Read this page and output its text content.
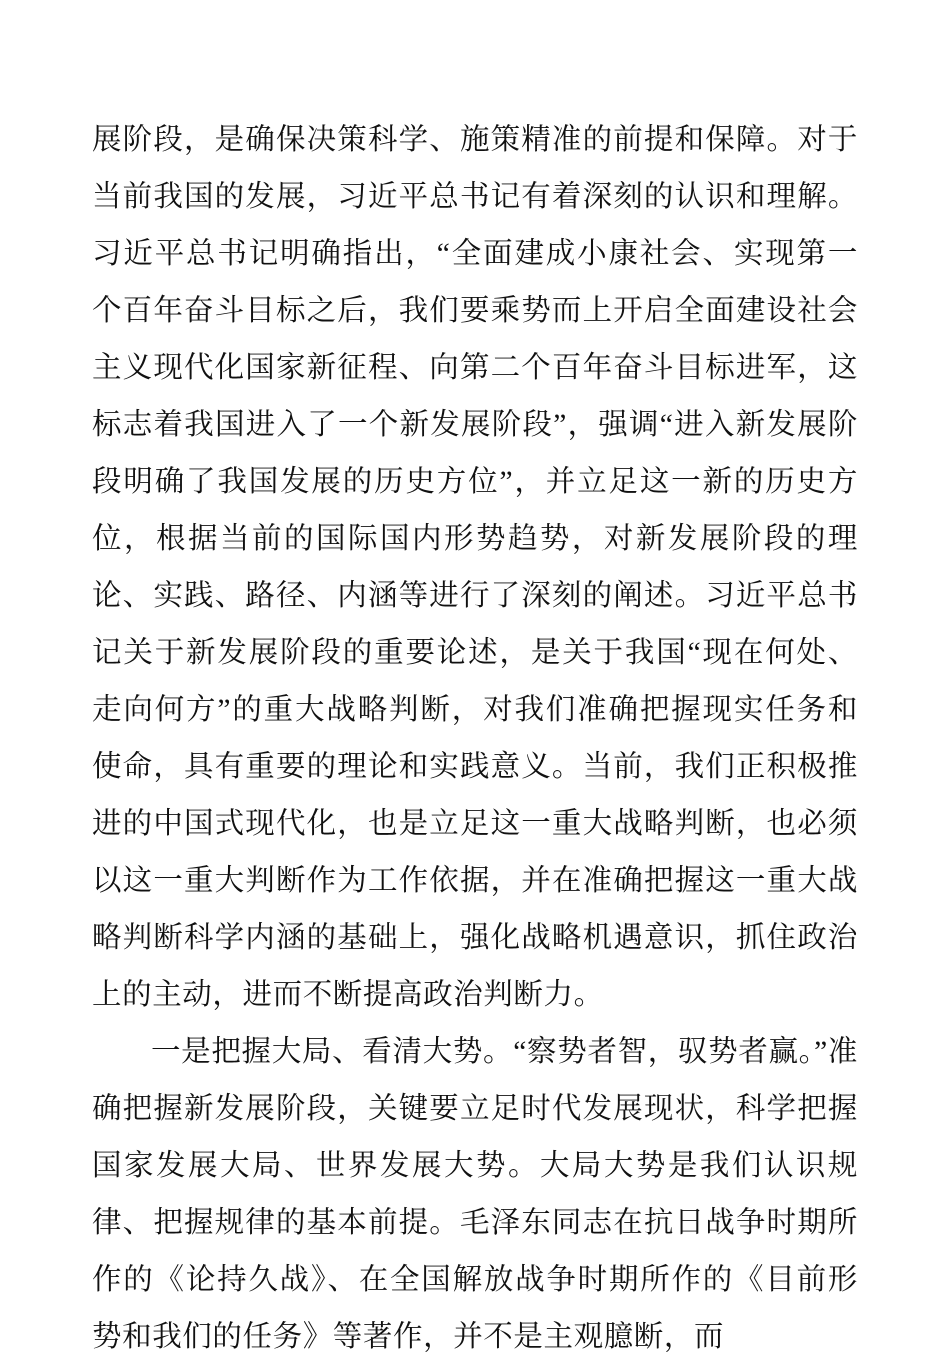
展阶段，是确保决策科学、施策精准的前提和保障。对于当前我国的发展，习近平总书记有着深刻的认识和理解。习近平总书记明确指出，“全面建成小康社会、实现第一个百年奋斗目标之后，我们要乘势而上开启全面建设社会主义现代化国家新征程、向第二个百年奋斗目标进军，这标志着我国进入了一个新发展阶段”，强调“进入新发展阶段明确了我国发展的历史方位”，并立足这一新的历史方位，根据当前的国际国内形势趋势，对新发展阶段的理论、实践、路径、内涵等进行了深刻的阐述。习近平总书记关于新发展阶段的重要论述，是关于我国“现在何处、走向何方”的重大战略判断，对我们准确把握现实任务和使命，具有重要的理论和实践意义。当前，我们正积极推进的中国式现代化，也是立足这一重大战略判断，也必须以这一重大判断作为工作依据，并在准确把握这一重大战略判断科学内涵的基础上，强化战略机遇意识，抓住政治上的主动，进而不断提高政治判断力。

一是把握大局、看清大势。“察势者智，驭势者赢。”准确把握新发展阶段，关键要立足时代发展现状，科学把握国家发展大局、世界发展大势。大局大势是我们认识规律、把握规律的基本前提。毛泽东同志在抗日战争时期所作的《论持久战》、在全国解放战争时期所作的《目前形势和我们的任务》等著作，并不是主观臆断，而
